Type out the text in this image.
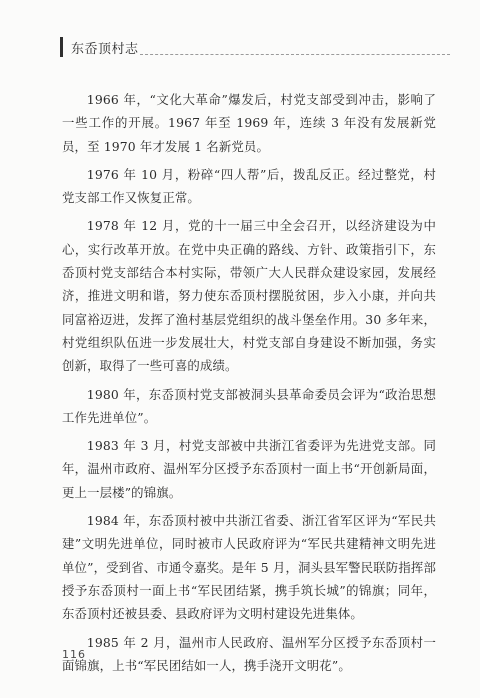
东岙顶村志

1966 年，“文化大革命”爆发后，村党支部受到冲击，影响了一些工作的开展。1967 年至 1969 年，连续 3 年没有发展新党员，至 1970 年才发展 1 名新党员。

1976 年 10 月，粉碎“四人帮”后，拨乱反正。经过整党，村党支部工作又恢复正常。

1978 年 12 月，党的十一届三中全会召开，以经济建设为中心，实行改革开放。在党中央正确的路线、方针、政策指引下，东岙顶村党支部结合本村实际，带领广大人民群众建设家园，发展经济，推进文明和谐，努力使东岙顶村摆脱贫困，步入小康，并向共同富裕迈进，发挥了渔村基层党组织的战斗堡垒作用。30 多年来，村党组织队伍进一步发展壮大，村党支部自身建设不断加强，务实创新，取得了一些可喜的成绩。

1980 年，东岙顶村党支部被洞头县革命委员会评为“政治思想工作先进单位”。

1983 年 3 月，村党支部被中共浙江省委评为先进党支部。同年，温州市政府、温州军分区授予东岙顶村一面上书“开创新局面，更上一层楼”的锦旗。

1984 年，东岙顶村被中共浙江省委、浙江省军区评为“军民共建”文明先进单位，同时被市人民政府评为“军民共建精神文明先进单位”，受到省、市通令嘉奖。是年 5 月，洞头县军警民联防指挥部授予东岙顶村一面上书“军民团结紧，携手筑长城”的锦旗；同年，东岙顶村还被县委、县政府评为文明村建设先进集体。

1985 年 2 月，温州市人民政府、温州军分区授予东岙顶村一面锦旗，上书“军民团结如一人，携手浇开文明花”。

116
